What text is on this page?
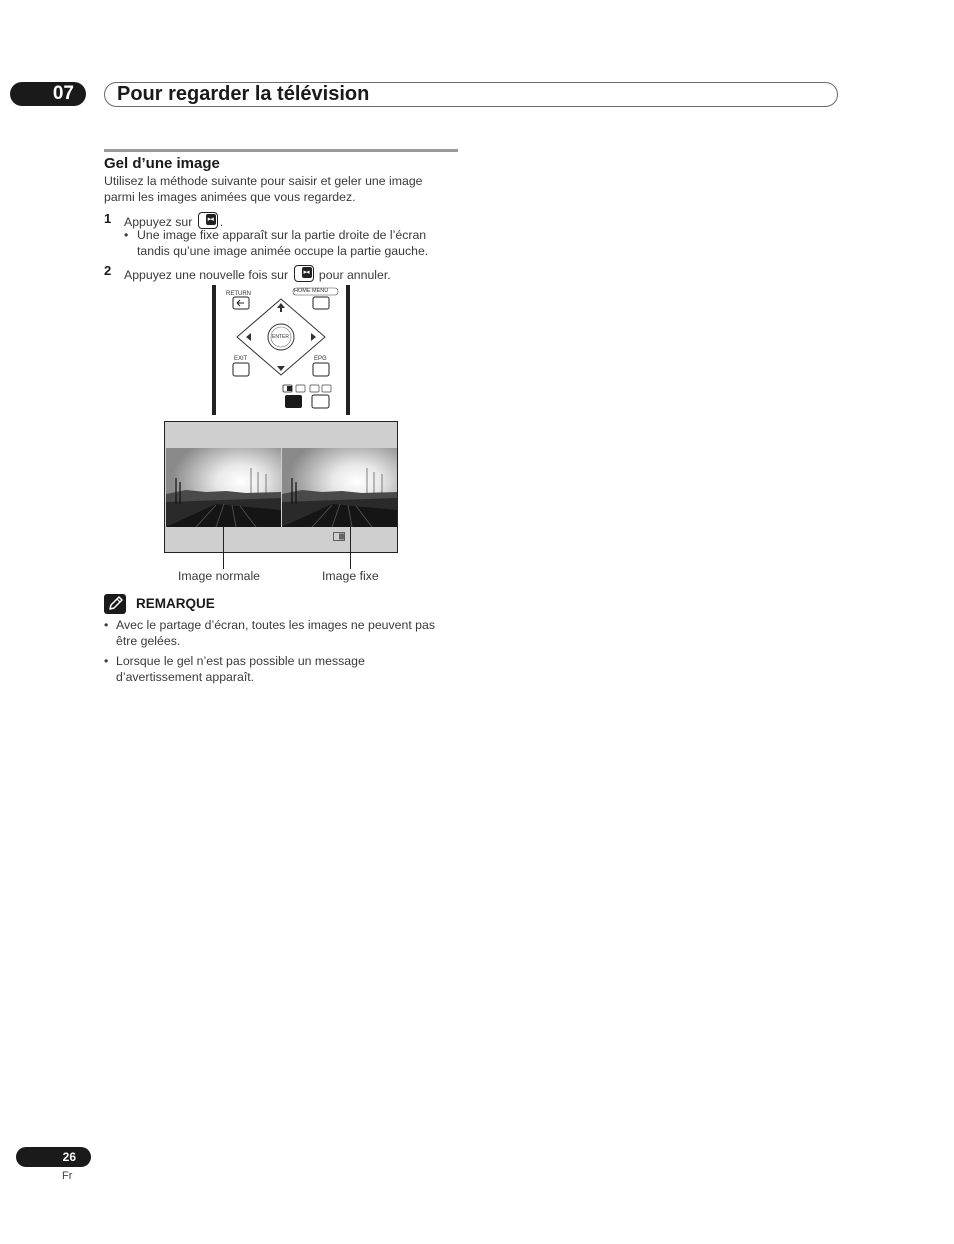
07	Pour regarder la télévision
Gel d’une image
Utilisez la méthode suivante pour saisir et geler une image
parmi les images animées que vous regardez.
1 Appuyez sur	▸◂ .
• Une image fixe apparaît sur la partie droite de l’écran
tandis qu’une image animée occupe la partie gauche.
2 Appuyez une nouvelle fois sur	▸◂ pour annuler.
RETURN	HOME MENU
ENTER
EXIT	EPG
Image normale	Image fixe
REMARQUE
• Avec le partage d’écran, toutes les images ne peuvent pas
être gelées.
• Lorsque le gel n’est pas possible un message
d’avertissement apparaît.
26
Fr
